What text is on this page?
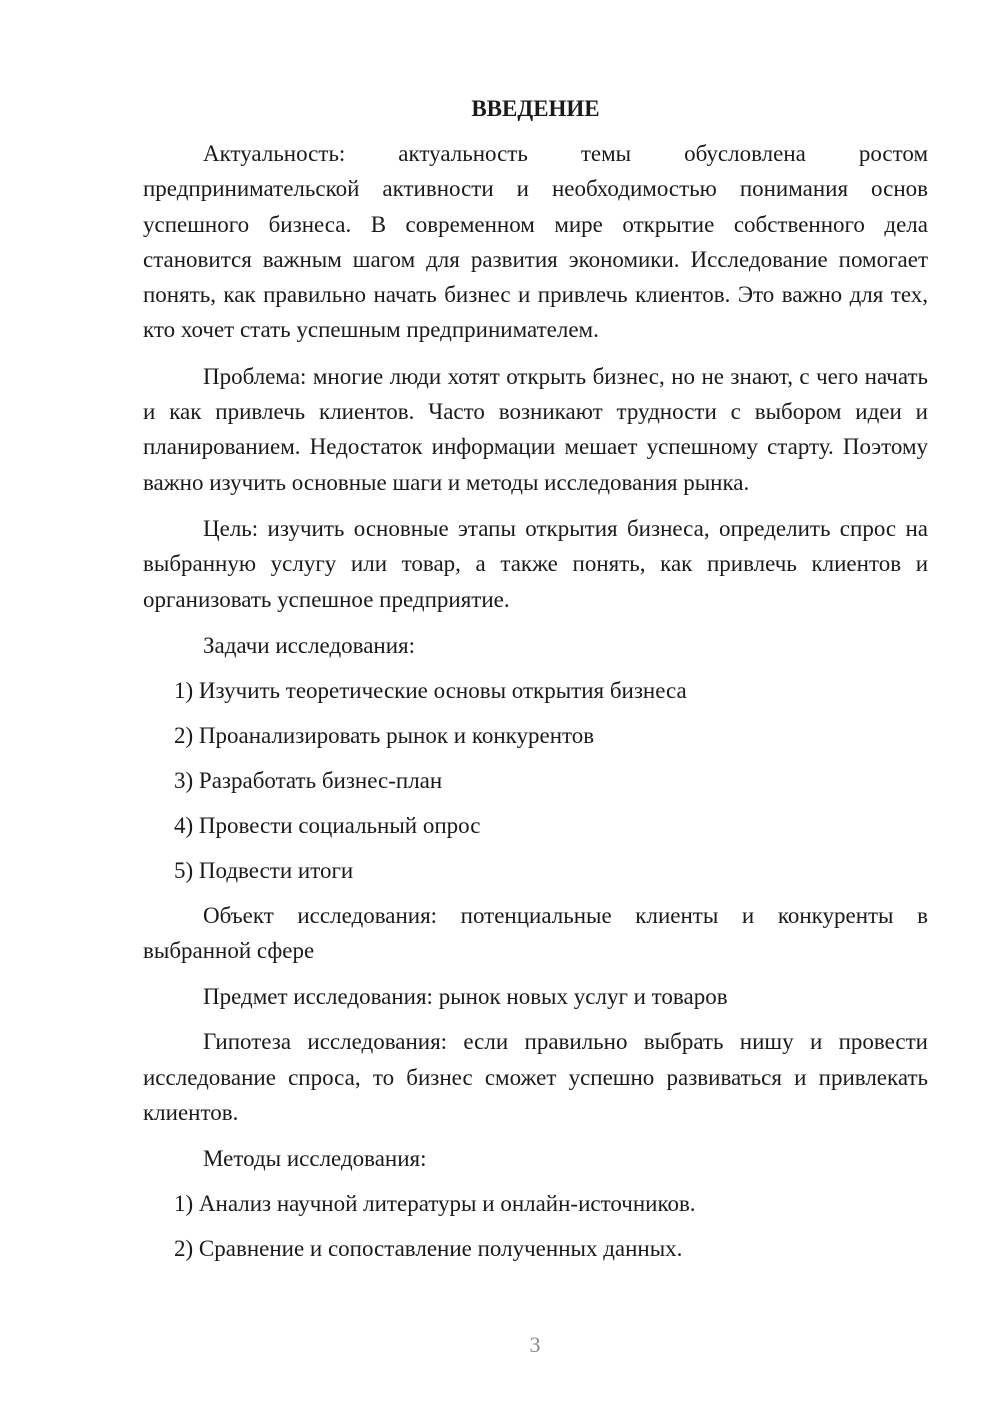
ВВЕДЕНИЕ

Актуальность: актуальность темы обусловлена ростом предпринимательской активности и необходимостью понимания основ успешного бизнеса. В современном мире открытие собственного дела становится важным шагом для развития экономики. Исследование помогает понять, как правильно начать бизнес и привлечь клиентов. Это важно для тех, кто хочет стать успешным предпринимателем.

Проблема: многие люди хотят открыть бизнес, но не знают, с чего начать и как привлечь клиентов. Часто возникают трудности с выбором идеи и планированием. Недостаток информации мешает успешному старту. Поэтому важно изучить основные шаги и методы исследования рынка.

Цель: изучить основные этапы открытия бизнеса, определить спрос на выбранную услугу или товар, а также понять, как привлечь клиентов и организовать успешное предприятие.

Задачи исследования:

1) Изучить теоретические основы открытия бизнеса
2) Проанализировать рынок и конкурентов
3) Разработать бизнес-план
4) Провести социальный опрос
5) Подвести итоги

Объект исследования: потенциальные клиенты и конкуренты в выбранной сфере

Предмет исследования: рынок новых услуг и товаров

Гипотеза исследования: если правильно выбрать нишу и провести исследование спроса, то бизнес сможет успешно развиваться и привлекать клиентов.

Методы исследования:

1) Анализ научной литературы и онлайн-источников.
2) Сравнение и сопоставление полученных данных.
3
